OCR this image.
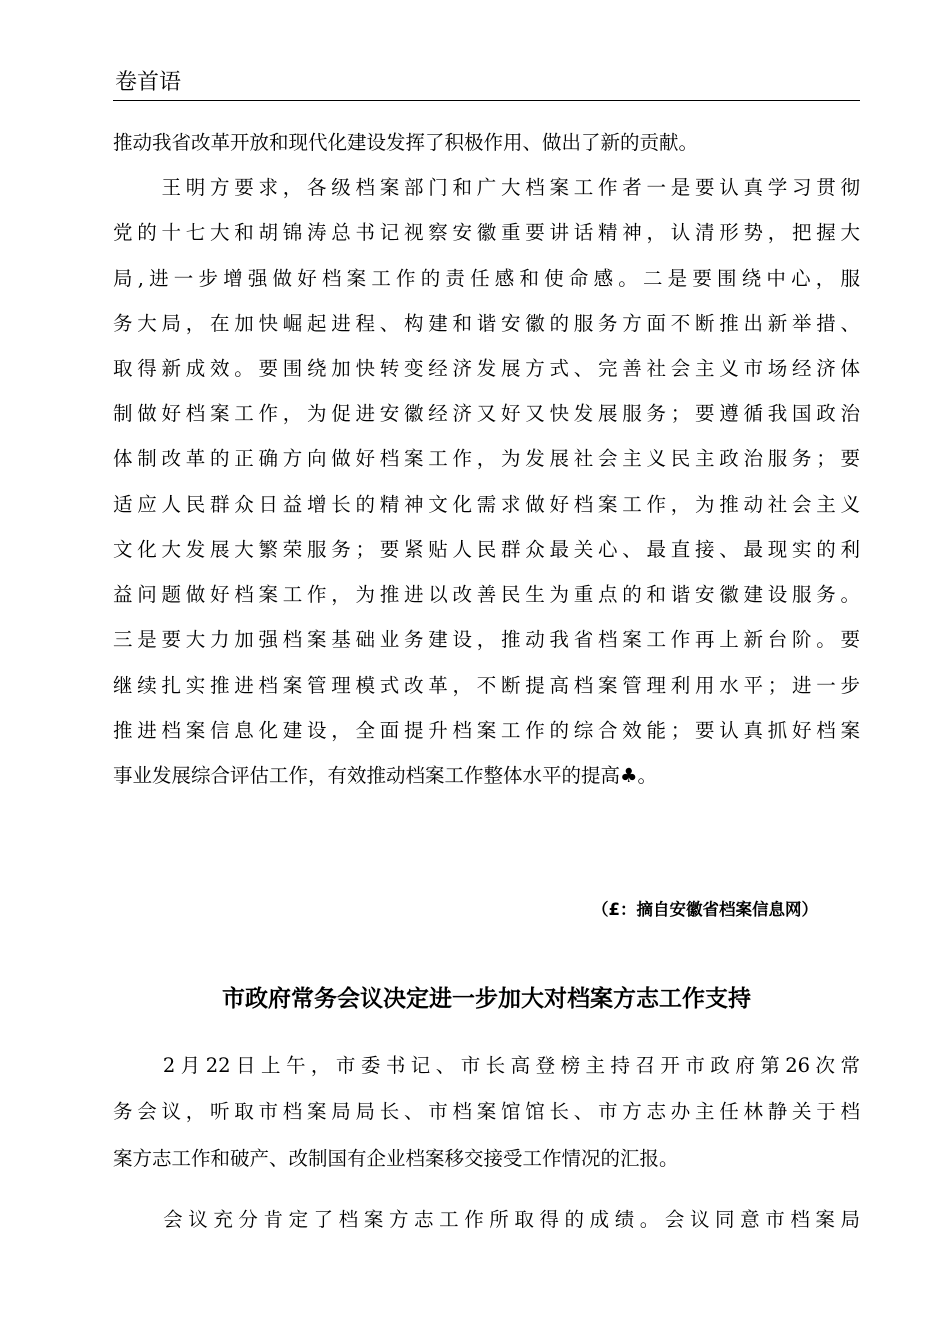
卷首语
推动我省改革开放和现代化建设发挥了积极作用、做出了新的贡献。
　　王明方要求，各级档案部门和广大档案工作者一是要认真学习贯彻
党的十七大和胡锦涛总书记视察安徽重要讲话精神，认清形势，把握大
局,进一步增强做好档案工作的责任感和使命感。二是要围绕中心，服
务大局，在加快崛起进程、构建和谐安徽的服务方面不断推出新举措、
取得新成效。要围绕加快转变经济发展方式、完善社会主义市场经济体
制做好档案工作，为促进安徽经济又好又快发展服务；要遵循我国政治
体制改革的正确方向做好档案工作，为发展社会主义民主政治服务；要
适应人民群众日益增长的精神文化需求做好档案工作，为推动社会主义
文化大发展大繁荣服务；要紧贴人民群众最关心、最直接、最现实的利
益问题做好档案工作，为推进以改善民生为重点的和谐安徽建设服务。
三是要大力加强档案基础业务建设，推动我省档案工作再上新台阶。要
继续扎实推进档案管理模式改革，不断提高档案管理利用水平；进一步
推进档案信息化建设，全面提升档案工作的综合效能；要认真抓好档案
事业发展综合评估工作，有效推动档案工作整体水平的提高♣。
（£：摘自安徽省档案信息网）
市政府常务会议决定进一步加大对档案方志工作支持
　　2月22日上午，市委书记、市长高登榜主持召开市政府第26次常
务会议，听取市档案局局长、市档案馆馆长、市方志办主任林静关于档
案方志工作和破产、改制国有企业档案移交接受工作情况的汇报。
　　会议充分肯定了档案方志工作所取得的成绩。会议同意市档案局
